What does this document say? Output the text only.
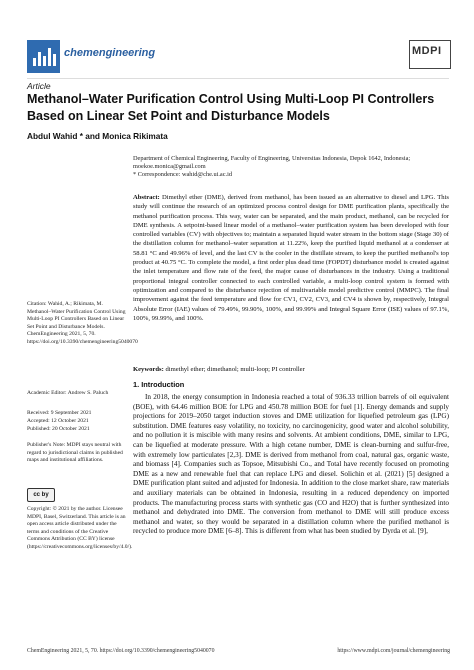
chemengineering	MDPI
Article
Methanol–Water Purification Control Using Multi-Loop PI Controllers Based on Linear Set Point and Disturbance Models
Abdul Wahid * and Monica Rikimata
Department of Chemical Engineering, Faculty of Engineering, Universitas Indonesia, Depok 1642, Indonesia;
moekoe.monica@gmail.com
* Correspondence: wahid@che.ui.ac.id
Abstract: Dimethyl ether (DME), derived from methanol, has been issued as an alternative to diesel and LPG. This study will continue the research of an optimized process control design for DME purification plants, specifically the methanol purification process. This way, water can be separated, and the main product, methanol, can be recycled for DME synthesis. A setpoint-based linear model of a methanol–water purification system has been developed with four controlled variables (CV) with objectives to; maintain a separated liquid water stream in the bottom stage (Stage 30) of the distillation column for methanol–water separation at 11.22%, keep the purified liquid methanol at a condenser at 58.81 °C and 49.96% of level, and the last CV is the cooler in the distillate stream, to keep the purified methanol's top product at 40.75 °C. To complete the model, a first order plus dead time (FOPDT) disturbance model is created against the inlet temperature and flow rate of the feed, the major cause of disturbances in the industry. Using a traditional proportional integral controller connected to each controlled variable, a multi-loop control system is formed with optimization and compared to the disturbance rejection of multivariable model predictive control (MMPC). The final improvement against the feed temperature and flow for CV1, CV2, CV3, and CV4 is shown by, respectively, Integral Absolute Error (IAE) values of 79.49%, 99.90%, 100%, and 99.99% and Integral Square Error (ISE) values of 97.1%, 100%, 99.99%, and 100%.
Keywords: dimethyl ether; dimethanol; multi-loop; PI controller
Citation: Wahid, A.; Rikimata, M. Methanol–Water Purification Control Using Multi-Loop PI Controllers Based on Linear Set Point and Disturbance Models. ChemEngineering 2021, 5, 70. https://doi.org/10.3390/chemengineering5040070
Academic Editor: Andrew S. Paluch
Received: 9 September 2021
Accepted: 12 October 2021
Published: 20 October 2021
Publisher's Note: MDPI stays neutral with regard to jurisdictional claims in published maps and institutional affiliations.
cc by
Copyright: © 2021 by the author. Licensee MDPI, Basel, Switzerland. This article is an open access article distributed under the terms and conditions of the Creative Commons Attribution (CC BY) license (https://creativecommons.org/licenses/by/4.0/).
1. Introduction
In 2018, the energy consumption in Indonesia reached a total of 936.33 trillion barrels of oil equivalent (BOE), with 64.46 million BOE for LPG and 450.78 million BOE for fuel [1]. Energy demands and supply projections for 2019–2050 target induction stoves and DME utilization for liquefied petroleum gas (LPG) substitution. DME features easy volatility, no toxicity, no carcinogenicity, good water and alcohol solubility, and no pollution it is miscible with many resins and solvents. At ambient conditions, DME, similar to LPG, can be liquefied at moderate pressure. With a high cetane number, DME is clean-burning and sulfur-free, with extremely low particulates [2,3]. DME is derived from methanol from coal, natural gas, organic waste, and biomass [4]. Companies such as Topsoe, Mitsubishi Co., and Total have recently focused on promoting DME as a new and renewable fuel that can replace LPG and diesel. Solichin et al. (2021) [5] designed a DME purification plant suited and adjusted for Indonesia. In addition to the close market share, raw materials and auxiliary materials can be obtained in Indonesia, resulting in a reduced dependency on imported products. The manufacturing process starts with synthetic gas (CO and H2O) that is further synthesized into methanol and dehydrated into DME. The conversion from methanol to DME will still produce excess methanol and water, so they would be separated in a distillation column where the purified methanol is recycled to produce more DME [6–8]. This is different from what has been studied by Dyrda et al. [9],
ChemEngineering 2021, 5, 70. https://doi.org/10.3390/chemengineering5040070	https://www.mdpi.com/journal/chemengineering
